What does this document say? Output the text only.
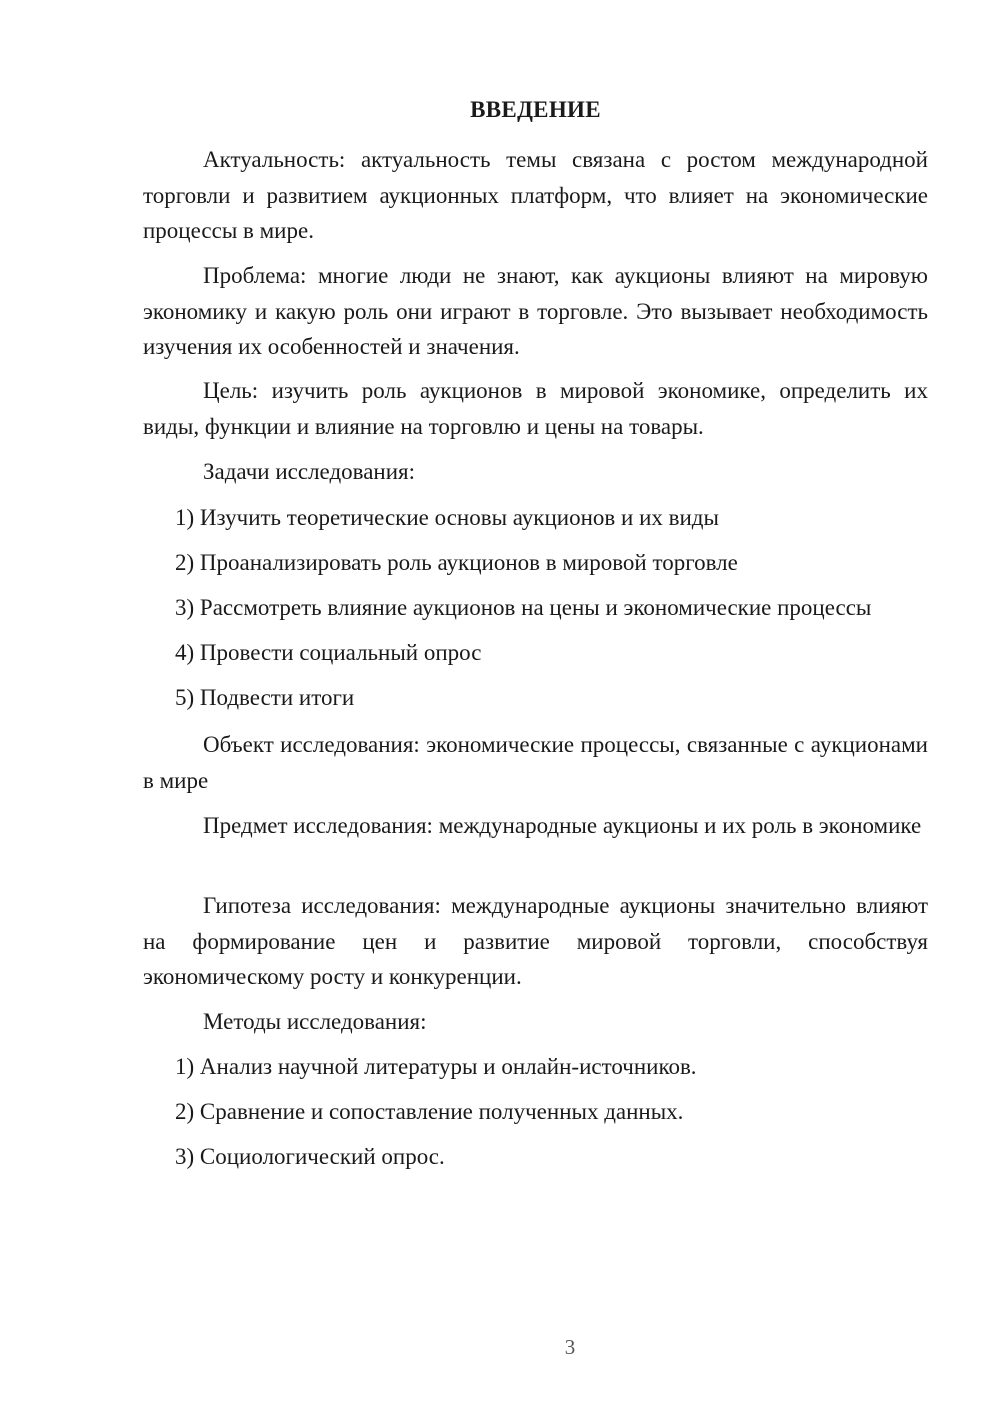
ВВЕДЕНИЕ

Актуальность: актуальность темы связана с ростом международной торговли и развитием аукционных платформ, что влияет на экономические процессы в мире.

Проблема: многие люди не знают, как аукционы влияют на мировую экономику и какую роль они играют в торговле. Это вызывает необходимость изучения их особенностей и значения.

Цель: изучить роль аукционов в мировой экономике, определить их виды, функции и влияние на торговлю и цены на товары.

Задачи исследования:

1) Изучить теоретические основы аукционов и их виды

2) Проанализировать роль аукционов в мировой торговле

3) Рассмотреть влияние аукционов на цены и экономические процессы

4) Провести социальный опрос

5) Подвести итоги

Объект исследования: экономические процессы, связанные с аукционами в мире

Предмет исследования: международные аукционы и их роль в экономике

Гипотеза исследования: международные аукционы значительно влияют на формирование цен и развитие мировой торговли, способствуя экономическому росту и конкуренции.

Методы исследования:

1) Анализ научной литературы и онлайн-источников.

2) Сравнение и сопоставление полученных данных.

3) Социологический опрос.

3
